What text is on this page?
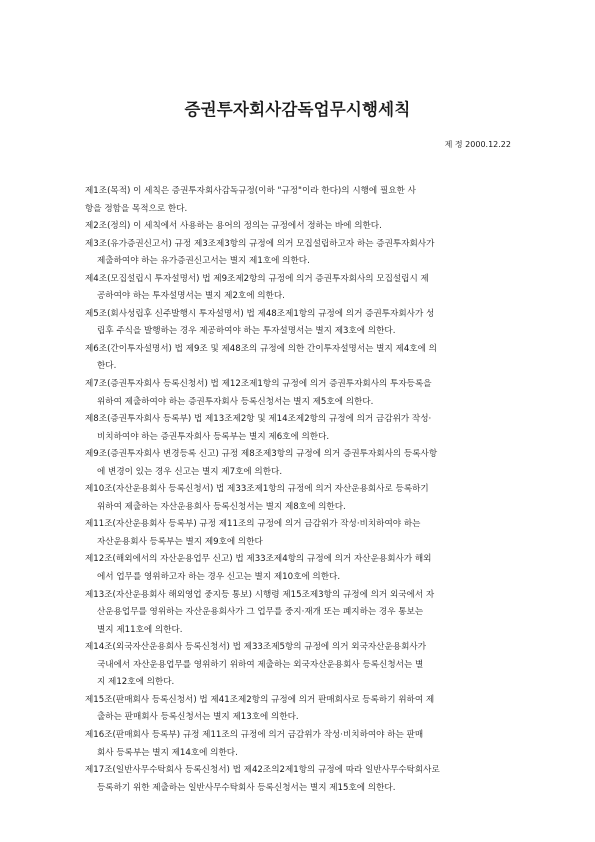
증권투자회사감독업무시행세칙
제 정 2000.12.22
제1조(목적) 이 세칙은 증권투자회사감독규정(이하 "규정"이라 한다)의 시행에 필요한 사
항을 정함을 목적으로 한다.
제2조(정의) 이 세칙에서 사용하는 용어의 정의는 규정에서 정하는 바에 의한다.
제3조(유가증권신고서) 규정 제3조제3항의 규정에 의거 모집설립하고자 하는 증권투자회사가
제출하여야 하는 유가증권신고서는 별지 제1호에 의한다.
제4조(모집설립시 투자설명서) 법 제9조제2항의 규정에 의거 증권투자회사의 모집설립시 제
공하여야 하는 투자설명서는 별지 제2호에 의한다.
제5조(회사성립후 신주발행시 투자설명서) 법 제48조제1항의 규정에 의거 증권투자회사가 성
립후 주식을 발행하는 경우 제공하여야 하는 투자설명서는 별지 제3호에 의한다.
제6조(간이투자설명서) 법 제9조 및 제48조의 규정에 의한 간이투자설명서는 별지 제4호에 의
한다.
제7조(증권투자회사 등록신청서) 법 제12조제1항의 규정에 의거 증권투자회사의 투자등록을
위하여 제출하여야 하는 증권투자회사 등록신청서는 별지 제5호에 의한다.
제8조(증권투자회사 등록부) 법 제13조제2항 및 제14조제2항의 규정에 의거 금감위가 작성·
비치하여야 하는 증권투자회사 등록부는 별지 제6호에 의한다.
제9조(증권투자회사 변경등록 신고) 규정 제8조제3항의 규정에 의거 증권투자회사의 등록사항
에 변경이 있는 경우 신고는 별지 제7호에 의한다.
제10조(자산운용회사 등록신청서) 법 제33조제1항의 규정에 의거 자산운용회사로 등록하기
위하여 제출하는 자산운용회사 등록신청서는 별지 제8호에 의한다.
제11조(자산운용회사 등록부) 규정 제11조의 규정에 의거 금감위가 작성·비치하여야 하는
자산운용회사 등록부는 별지 제9호에 의한다
제12조(해외에서의 자산운용업무 신고) 법 제33조제4항의 규정에 의거 자산운용회사가 해외
에서 업무를 영위하고자 하는 경우 신고는 별지 제10호에 의한다.
제13조(자산운용회사 해외영업 중지등 통보) 시행령 제15조제3항의 규정에 의거 외국에서 자
산운용업무를 영위하는 자산운용회사가 그 업무를 중지·재개 또는 폐지하는 경우 통보는
별지 제11호에 의한다.
제14조(외국자산운용회사 등록신청서) 법 제33조제5항의 규정에 의거 외국자산운용회사가
국내에서 자산운용업무를 영위하기 위하여 제출하는 외국자산운용회사 등록신청서는 별
지 제12호에 의한다.
제15조(판매회사 등록신청서) 법 제41조제2항의 규정에 의거 판매회사로 등록하기 위하여 제
출하는 판매회사 등록신청서는 별지 제13호에 의한다.
제16조(판매회사 등록부) 규정 제11조의 규정에 의거 금감위가 작성·비치하여야 하는 판매
회사 등록부는 별지 제14호에 의한다.
제17조(일반사무수탁회사 등록신청서) 법 제42조의2제1항의 규정에 따라 일반사무수탁회사로
등록하기 위한 제출하는 일반사무수탁회사 등록신청서는 별지 제15호에 의한다.
